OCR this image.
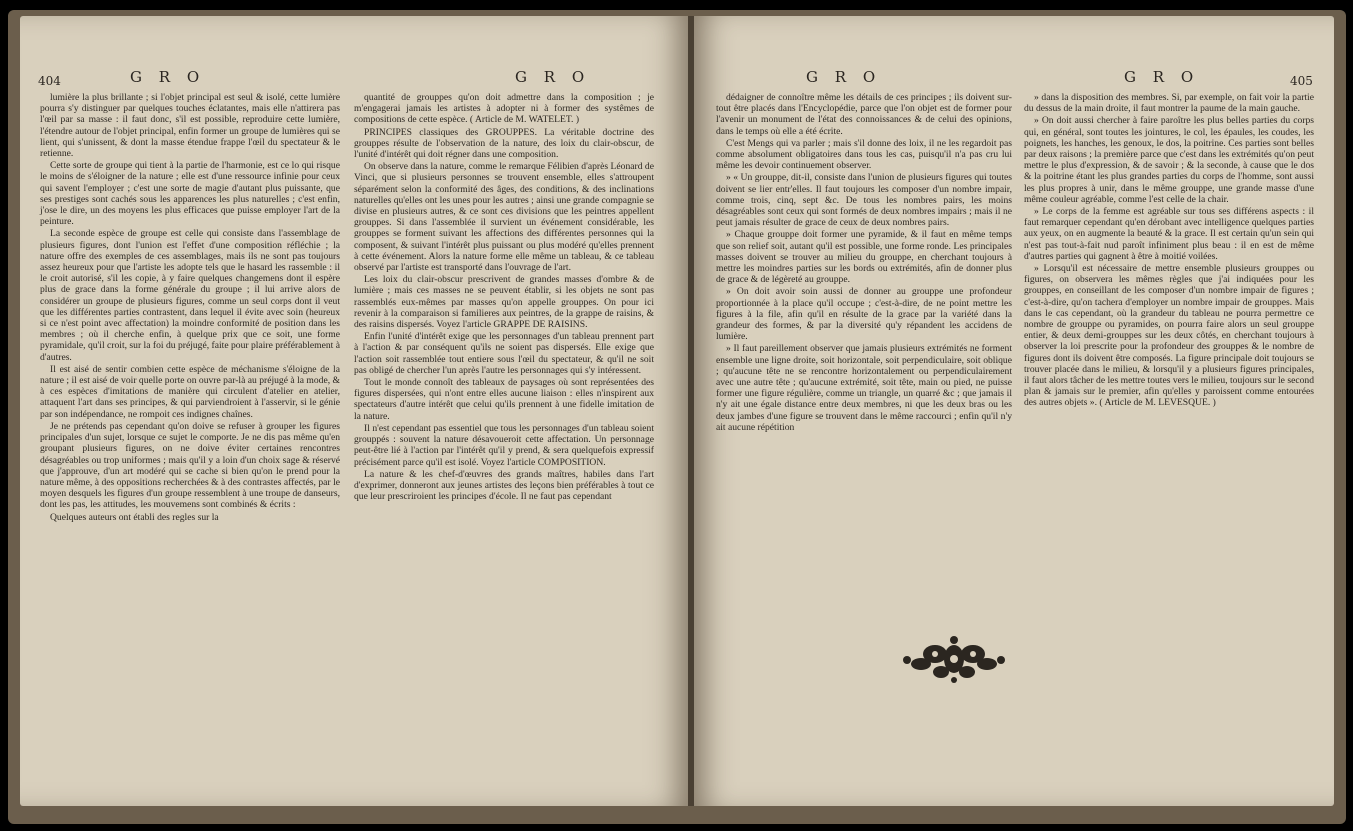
404	G R O	G R O

lumière la plus brillante ; si l'objet principal est seul & isolé, cette lumière pourra s'y distinguer par quelques touches éclatantes, mais elle n'attirera pas l'œil par sa masse : il faut donc, s'il est possible, reproduire cette lumière, l'étendre autour de l'objet principal, enfin former un groupe de lumières qui se lient, qui s'unissent, & dont la masse étendue frappe l'œil du spectateur & le retienne.

Cette sorte de groupe qui tient à la partie de l'harmonie, est ce lo qui risque le moins de s'éloigner de la nature ; elle est d'une ressource infinie pour ceux qui savent l'employer ; c'est une sorte de magie d'autant plus puissante, que ses prestiges sont cachés sous les apparences les plus naturelles ; c'est enfin, j'ose le dire, un des moyens les plus efficaces que puisse employer l'art de la peinture.

La seconde espèce de groupe est celle qui consiste dans l'assemblage de plusieurs figures, dont l'union est l'effet d'une composition réfléchie ; la nature offre des exemples de ces assemblages, mais ils ne sont pas toujours assez heureux pour que l'artiste les adopte tels que le hasard les rassemble : il le croit autorisé, s'il les copie, à y faire quelques changemens dont il espère plus de grace dans la forme générale du groupe ; il lui arrive alors de considérer un groupe de plusieurs figures, comme un seul corps dont il veut que les différentes parties contrastent, dans lequel il évite avec soin (heureux si ce n'est point avec affectation) la moindre conformité de position dans les membres ; où il cherche enfin, à quelque prix que ce soit, une forme pyramidale, qu'il croit, sur la foi du préjugé, faite pour plaire préférablement à d'autres.

Il est aisé de sentir combien cette espèce de méchanisme s'éloigne de la nature ; il est aisé de voir quelle porte on ouvre par-là au préjugé à la mode, & à ces espèces d'imitations de manière qui circulent d'atelier en atelier, attaquent l'art dans ses principes, & qui parviendroient à l'asservir, si le génie par son indépendance, ne rompoit ces indignes chaînes.

Je ne prétends pas cependant qu'on doive se refuser à grouper les figures principales d'un sujet, lorsque ce sujet le comporte. Je ne dis pas même qu'en groupant plusieurs figures, on ne doive éviter certaines rencontres désagréables ou trop uniformes ; mais qu'il y a loin d'un choix sage & réservé que j'approuve, d'un art modéré qui se cache si bien qu'on le prend pour la nature même, à des oppositions recherchées & à des contrastes affectés, par le moyen desquels les figures d'un groupe ressemblent à une troupe de danseurs, dont les pas, les attitudes, les mouvemens sont combinés & écrits :

Quelques auteurs ont établi des regles sur la

quantité de grouppes qu'on doit admettre dans la composition ; je m'engagerai jamais les artistes à adopter ni à former des systêmes de compositions de cette espèce. ( Article de M. WATELET. )

PRINCIPES classiques des GROUPPES. La véritable doctrine des grouppes résulte de l'observation de la nature, des loix du clair-obscur, de l'unité d'intérêt qui doit régner dans une composition.

On observe dans la nature, comme le remarque Félibien d'après Léonard de Vinci, que si plusieurs personnes se trouvent ensemble, elles s'attroupent séparément selon la conformité des âges, des conditions, & des inclinations naturelles qu'elles ont les unes pour les autres ; ainsi une grande compagnie se divise en plusieurs autres, & ce sont ces divisions que les peintres appellent grouppes. Si dans l'assemblée il survient un événement considérable, les grouppes se forment suivant les affections des différentes personnes qui la composent, & suivant l'intérêt plus puissant ou plus modéré qu'elles prennent à cette événement. Alors la nature forme elle même un tableau, & ce tableau observé par l'artiste est transporté dans l'ouvrage de l'art.

Les loix du clair-obscur prescrivent de grandes masses d'ombre & de lumière ; mais ces masses ne se peuvent établir, si les objets ne sont pas rassemblés eux-mêmes par masses qu'on appelle grouppes. On pour ici revenir à la comparaison si familieres aux peintres, de la grappe de raisins, & des raisins dispersés. Voyez l'article GRAPPE DE RAISINS.

Enfin l'unité d'intérêt exige que les personnages d'un tableau prennent part à l'action & par conséquent qu'ils ne soient pas dispersés. Elle exige que l'action soit rassemblée tout entiere sous l'œil du spectateur, & qu'il ne soit pas obligé de chercher l'un après l'autre les personnages qui s'y intéressent.

Tout le monde connoît des tableaux de paysages où sont représentées des figures dispersées, qui n'ont entre elles aucune liaison : elles n'inspirent aux spectateurs d'autre intérêt que celui qu'ils prennent à une fidelle imitation de la nature.

Il n'est cependant pas essentiel que tous les personnages d'un tableau soient grouppés : souvent la nature désavoueroit cette affectation. Un personnage peut-être lié à l'action par l'intérêt qu'il y prend, & sera quelquefois expressif précisément parce qu'il est isolé. Voyez l'article COMPOSITION.

La nature & les chef-d'œuvres des grands maîtres, habiles dans l'art d'exprimer, donneront aux jeunes artistes des leçons bien préférables à tout ce que leur prescriroient les principes d'école. Il ne faut pas cependant

G R O	G R O	405

dédaigner de connoître même les détails de ces principes ; ils doivent sur-tout être placés dans l'Encyclopédie, parce que l'on objet est de former pour l'avenir un monument de l'état des connoissances & de celui des opinions, dans le temps où elle a été écrite.

C'est Mengs qui va parler ; mais s'il donne des loix, il ne les regardoit pas comme absolument obligatoires dans tous les cas, puisqu'il n'a pas cru lui même les devoir continuement observer.

» « Un grouppe, dit-il, consiste dans l'union de plusieurs figures qui toutes doivent se lier entr'elles. Il faut toujours les composer d'un nombre impair, comme trois, cinq, sept &c. De tous les nombres pairs, les moins désagréables sont ceux qui sont formés de deux nombres impairs ; mais il ne peut jamais résulter de grace de ceux de deux nombres pairs.

» Chaque grouppe doit former une pyramide, & il faut en même temps que son relief soit, autant qu'il est possible, une forme ronde. Les principales masses doivent se trouver au milieu du grouppe, en cherchant toujours à mettre les moindres parties sur les bords ou extrémités, afin de donner plus de grace & de légèreté au grouppe.

» On doit avoir soin aussi de donner au grouppe une profondeur proportionnée à la place qu'il occupe ; c'est-à-dire, de ne point mettre les figures à la file, afin qu'il en résulte de la grace par la variété dans la grandeur des formes, & par la diversité qu'y répandent les accidens de lumière.

» Il faut pareillement observer que jamais plusieurs extrémités ne forment ensemble une ligne droite, soit horizontale, soit perpendiculaire, soit oblique ; qu'aucune tête ne se rencontre horizontalement ou perpendiculairement avec une autre tête ; qu'aucune extrémité, soit tête, main ou pied, ne puisse former une figure régulière, comme un triangle, un quarré &c ; que jamais il n'y ait une égale distance entre deux membres, ni que les deux bras ou les deux jambes d'une figure se trouvent dans le même raccourci ; enfin qu'il n'y ait aucune répétition

» dans la disposition des membres. Si, par exemple, on fait voir la partie du dessus de la main droite, il faut montrer la paume de la main gauche.

» On doit aussi chercher à faire paroître les plus belles parties du corps qui, en général, sont toutes les jointures, le col, les épaules, les coudes, les poignets, les hanches, les genoux, le dos, la poitrine. Ces parties sont belles par deux raisons ; la première parce que c'est dans les extrémités qu'on peut mettre le plus d'expression, & de savoir ; & la seconde, à cause que le dos & la poitrine étant les plus grandes parties du corps de l'homme, sont aussi les plus propres à unir, dans le même grouppe, une grande masse d'une même couleur agréable, comme l'est celle de la chair.

» Le corps de la femme est agréable sur tous ses différens aspects : il faut remarquer cependant qu'en dérobant avec intelligence quelques parties aux yeux, on en augmente la beauté & la grace. Il est certain qu'un sein qui n'est pas tout-à-fait nud paroît infiniment plus beau : il en est de même d'autres parties qui gagnent à être à moitié voilées.

» Lorsqu'il est nécessaire de mettre ensemble plusieurs grouppes ou figures, on observera les mêmes règles que j'ai indiquées pour les grouppes, en conseillant de les composer d'un nombre impair de figures ; c'est-à-dire, qu'on tachera d'employer un nombre impair de grouppes. Mais dans le cas cependant, où la grandeur du tableau ne pourra permettre ce nombre de grouppe ou pyramides, on pourra faire alors un seul grouppe entier, & deux demi-grouppes sur les deux côtés, en cherchant toujours à observer la loi prescrite pour la profondeur des grouppes & le nombre de figures dont ils doivent être composés. La figure principale doit toujours se trouver placée dans le milieu, & lorsqu'il y a plusieurs figures principales, il faut alors tâcher de les mettre toutes vers le milieu, toujours sur le second plan & jamais sur le premier, afin qu'elles y paroissent comme entourées des autres objets ». ( Article de M. LEVESQUE. )
